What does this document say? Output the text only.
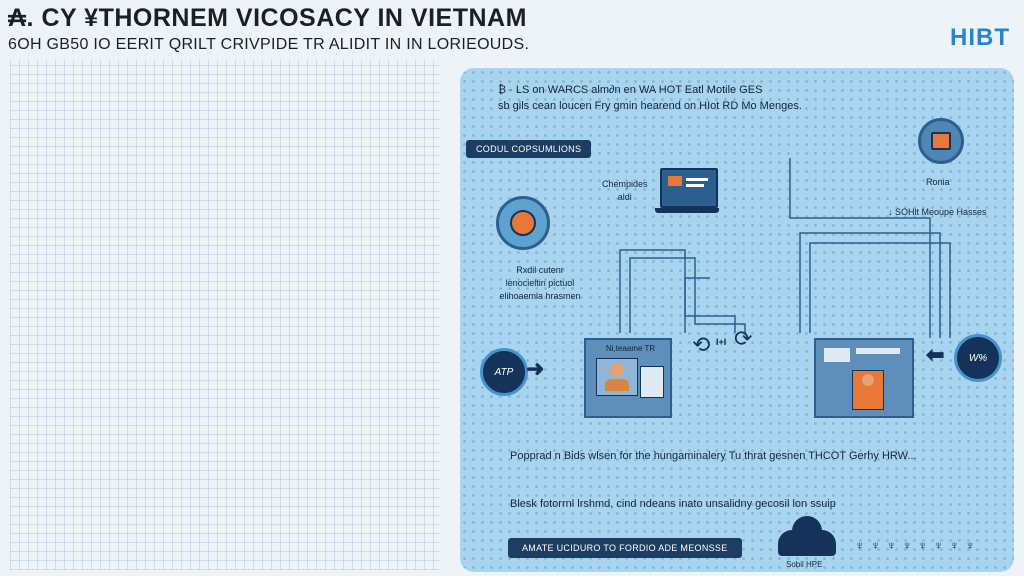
₳. CY ¥THORNEM VICOSACY IN VIETNAM
6OH GB50 IO EERIT QRILT CRIVPIDE TR ALIDIT IN IN LORIEOUDS.	HIBT
₿ · LS on WARCS alm∂n en WA HOT Eatl Motile GES
sb gils cean loucen Fry gmin hearend on HIot RD Mo Menges.
CODUL COPSUMLIONS
Chempides
aldi
Rxdil cutenr
lenocieltin pictuol
elihoaemla hrasmen
Ronia
↓ SOHlt Meoupe Hasses
ATP ➜
Ni,teaame TR ⟲ I+I ⟳
⬅	W%
Popprad n Bids wlsen for the hungaminalery Tu thrat gesnen THCOT Gerhy HRW...
Blesk fotorrnl lrshmd, cind ndeans inato unsalidny gecosil lon ssuip
AMATE UCIDURO TO FORDIO ADE MEONSSE
Sobil HPE
♆♆♆♆♆♆♆♆
